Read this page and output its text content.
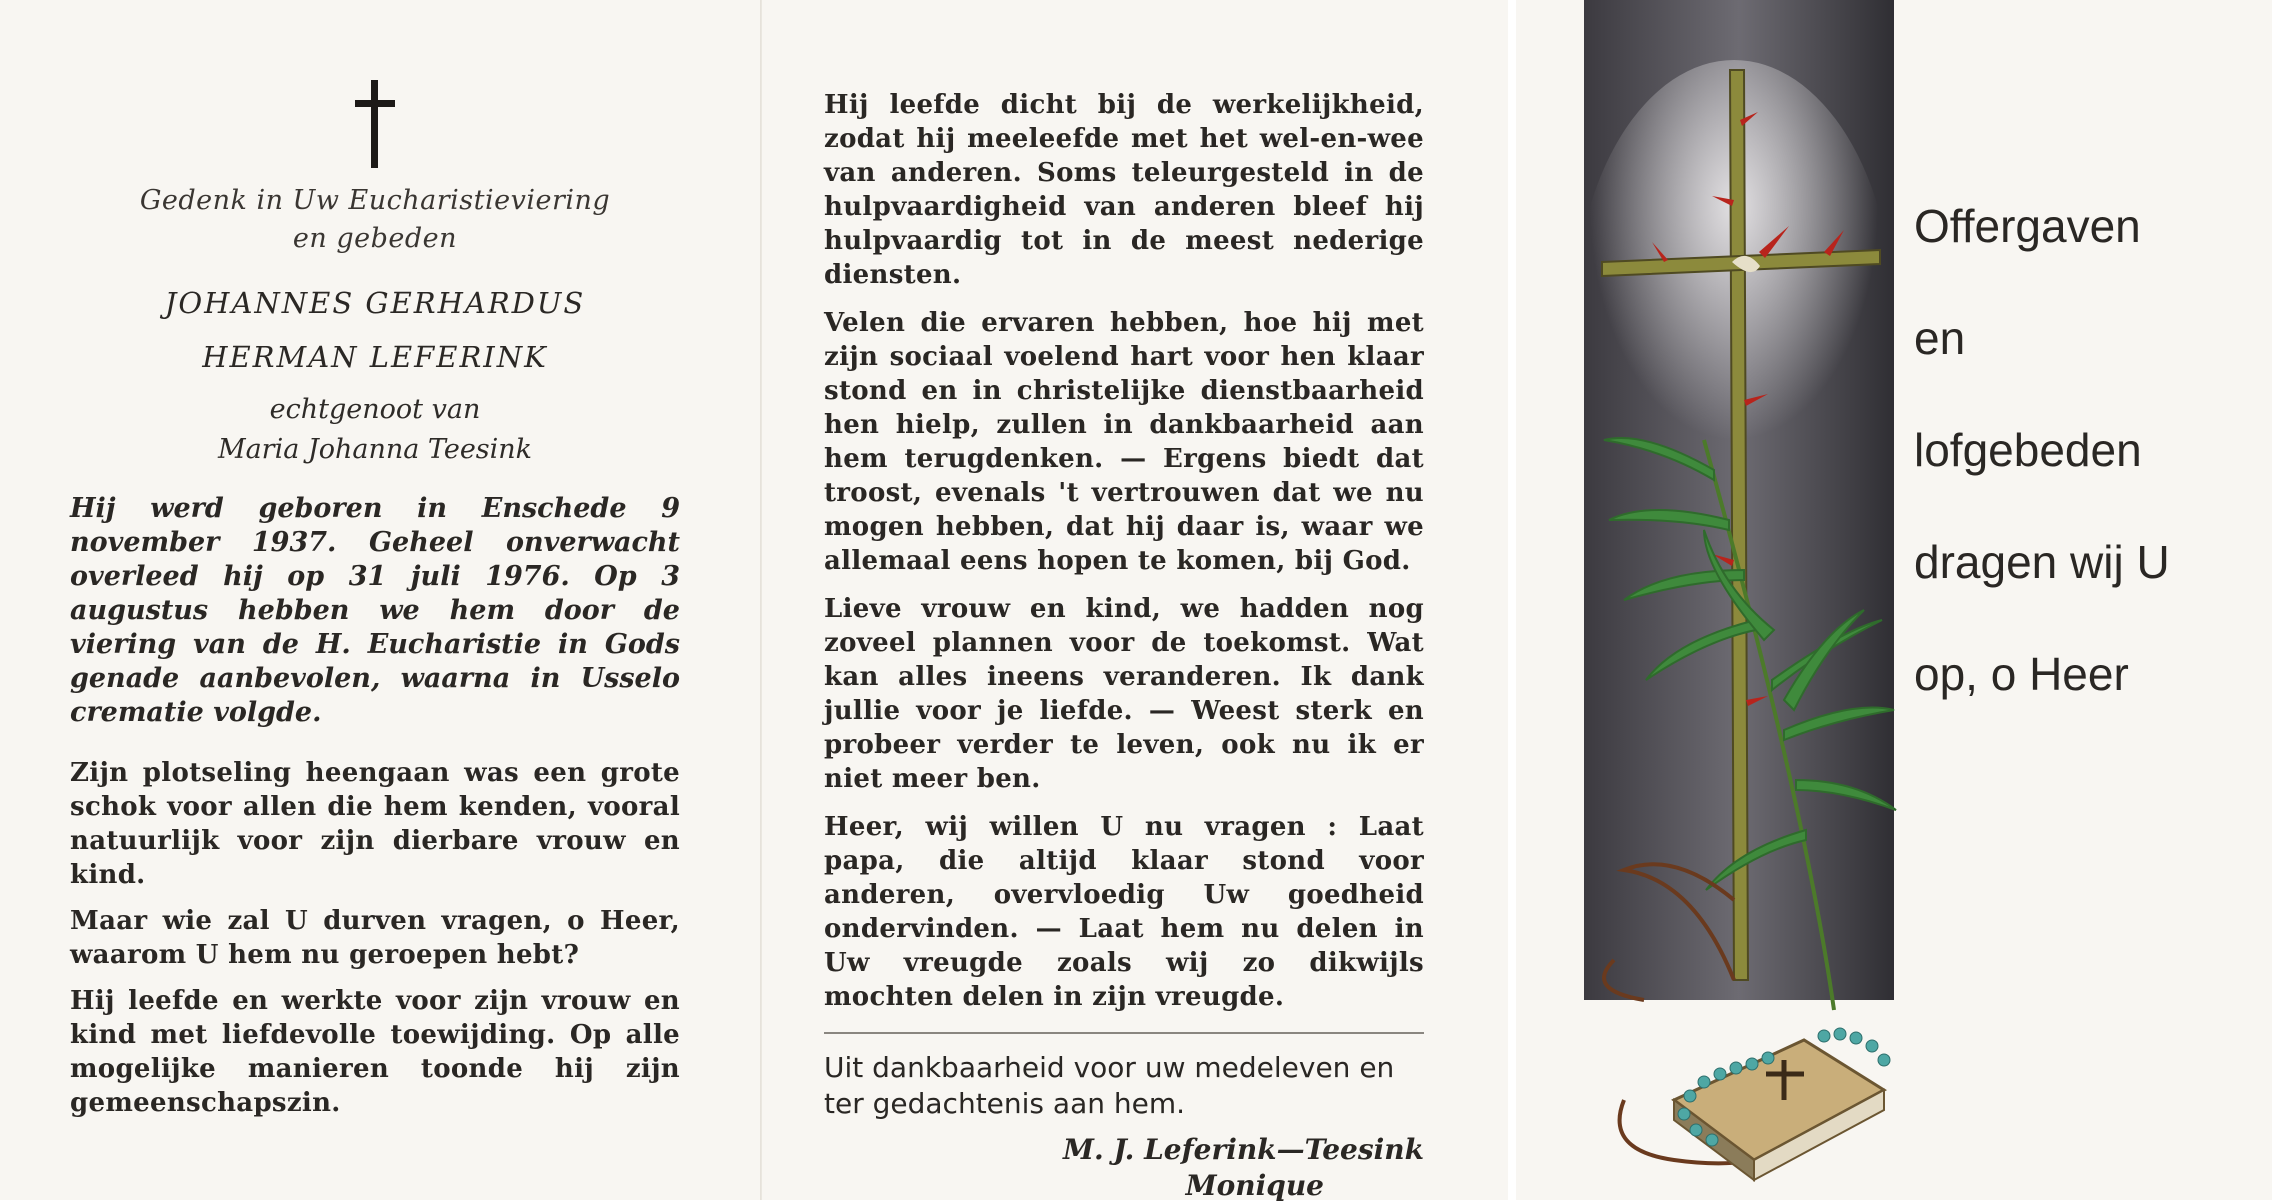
Gedenk in Uw Eucharistieviering
en gebeden
JOHANNES GERHARDUS
HERMAN LEFERINK
echtgenoot van
Maria Johanna Teesink
Hij werd geboren in Enschede 9 november 1937. Geheel onverwacht overleed hij op 31 juli 1976. Op 3 augustus hebben we hem door de viering van de H. Eucharistie in Gods genade aanbevolen, waarna in Usselo crematie volgde.
Zijn plotseling heengaan was een grote schok voor allen die hem kenden, vooral natuurlijk voor zijn dierbare vrouw en kind.
Maar wie zal U durven vragen, o Heer, waarom U hem nu geroepen hebt?
Hij leefde en werkte voor zijn vrouw en kind met liefdevolle toewijding. Op alle mogelijke manieren toonde hij zijn gemeenschapszin.
Hij leefde dicht bij de werkelijkheid, zodat hij meeleefde met het wel-en-wee van anderen. Soms teleurgesteld in de hulpvaardigheid van anderen bleef hij hulpvaardig tot in de meest nederige diensten.
Velen die ervaren hebben, hoe hij met zijn sociaal voelend hart voor hen klaar stond en in christelijke dienstbaarheid hen hielp, zullen in dankbaarheid aan hem terugdenken. — Ergens biedt dat troost, evenals 't vertrouwen dat we nu mogen hebben, dat hij daar is, waar we allemaal eens hopen te komen, bij God.
Lieve vrouw en kind, we hadden nog zoveel plannen voor de toekomst. Wat kan alles ineens veranderen. Ik dank jullie voor je liefde. — Weest sterk en probeer verder te leven, ook nu ik er niet meer ben.
Heer, wij willen U nu vragen : Laat papa, die altijd klaar stond voor anderen, overvloedig Uw goedheid ondervinden. — Laat hem nu delen in Uw vreugde zoals wij zo dikwijls mochten delen in zijn vreugde.
Uit dankbaarheid voor uw medeleven en ter gedachtenis aan hem.
M. J. Leferink—Teesink
Monique
Offergaven
en
lofgebeden
dragen wij U
op, o Heer
